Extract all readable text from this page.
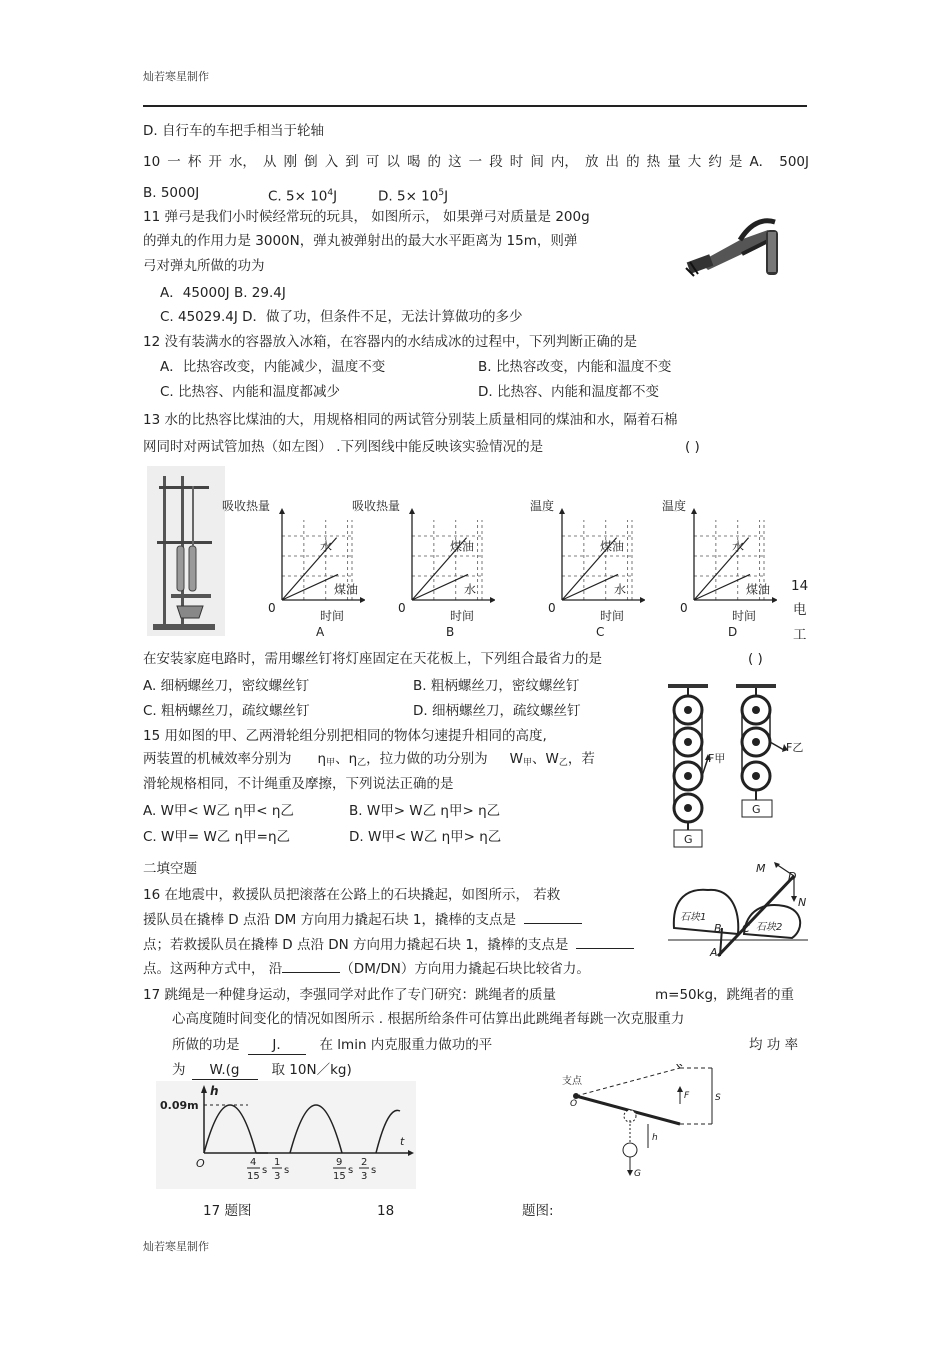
灿若寒星制作
D. 自行车的车把手相当于轮轴
10 一 杯 开 水， 从 刚 倒 入 到 可 以 喝 的 这 一 段 时 间 内， 放 出 的 热 量 大 约 是 A． 500J
B. 5000J	C. $5\times 10^4J$	D. $5\times 10^5J$
11 弹弓是我们小时候经常玩的玩具， 如图所示， 如果弹弓对质量是 200g
的弹丸的作用力是 3000N，弹丸被弹射出的最大水平距离为 15m，则弹
弓对弹丸所做的功为
A．45000J B. 29.4J
C. 45029.4J D．做了功，但条件不足，无法计算做功的多少
12 没有装满水的容器放入冰箱，在容器内的水结成冰的过程中，下列判断正确的是
A．比热容改变，内能减少，温度不变	B. 比热容改变，内能和温度不变
C. 比热容、内能和温度都减少	D. 比热容、内能和温度都不变
13 水的比热容比煤油的大，用规格相同的两试管分别装上质量相同的煤油和水，隔着石棉
网同时对两试管加热（如左图） .下列图线中能反映该实验情况的是	( )
吸收热量
时间
0
水
煤油
A
吸收热量
时间
0
煤油
水
B
温度
时间
0
煤油
水
C
温度
时间
0
水
煤油
D
14
电
工
在安装家庭电路时，需用螺丝钉将灯座固定在天花板上，下列组合最省力的是	( )
A. 细柄螺丝刀，密纹螺丝钉	B. 粗柄螺丝刀，密纹螺丝钉
C. 粗柄螺丝刀，疏纹螺丝钉	D. 细柄螺丝刀，疏纹螺丝钉
15 用如图的甲、乙两滑轮组分别把相同的物体匀速提升相同的高度,
两装置的机械效率分别为 $\eta_甲$、$\eta_乙$，拉力做的功分别为 $W_甲$、$W_乙$，若
滑轮规格相同，不计绳重及摩擦，下列说法正确的是
A. W甲< W乙 η甲< η乙	B. W甲> W乙 η甲> η乙
C. W甲= W乙 η甲=η乙	D. W甲< W乙 η甲> η乙
F甲
G
F乙
G
二填空题
16 在地震中，救援队员把滚落在公路上的石块撬起，如图所示， 若救
援队员在撬棒 D 点沿 DM 方向用力撬起石块 1，撬棒的支点是
点；若救援队员在撬棒 D 点沿 DN 方向用力撬起石块 1，撬棒的支点是
点。这两种方式中， 沿	（DM/DN）方向用力撬起石块比较省力。
M
D
N
石块1
石块2
B C
A
17 跳绳是一种健身运动，李强同学对此作了专门研究：跳绳者的质量	m=50kg，跳绳者的重
心高度随时间变化的情况如图所示 . 根据所给条件可估算出此跳绳者每跳一次克服重力
所做的功是 J.	在 lmin 内克服重力做功的平	均 功 率
为 W.(g 取 10N／kg)
h
t
O
0.09m
4
15
s
1
3
s
9
15
s
2
3
s
支点
O
S
F
G
h
17 题图	18	题图:
灿若寒星制作
